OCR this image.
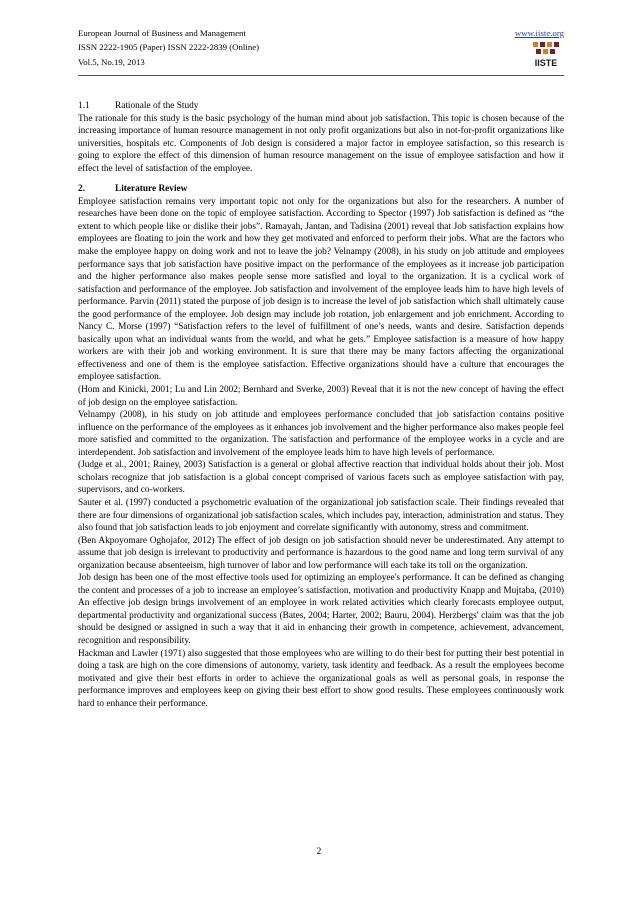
European Journal of Business and Management
ISSN 2222-1905 (Paper) ISSN 2222-2839 (Online)
Vol.5, No.19, 2013
www.iiste.org
IISTE
1.1	Rationale of the Study

The rationale for this study is the basic psychology of the human mind about job satisfaction. This topic is chosen because of the increasing importance of human resource management in not only profit organizations but also in not-for-profit organizations like universities, hospitals etc. Components of Job design is considered a major factor in employee satisfaction, so this research is going to explore the effect of this dimension of human resource management on the issue of employee satisfaction and how it effect the level of satisfaction of the employee.

2.	Literature Review

Employee satisfaction remains very important topic not only for the organizations but also for the researchers. A number of researches have been done on the topic of employee satisfaction. According to Spector (1997) Job satisfaction is defined as “the extent to which people like or dislike their jobs”. Ramayah, Jantan, and Tadisina (2001) reveal that Job satisfaction explains how employees are floating to join the work and how they get motivated and enforced to perform their jobs. What are the factors who make the employee happy on doing work and not to leave the job? Velnampy (2008), in his study on job attitude and employees performance says that job satisfaction have positive impact on the performance of the employees as it increase job participation and the higher performance also makes people sense more satisfied and loyal to the organization. It is a cyclical work of satisfaction and performance of the employee. Job satisfaction and involvement of the employee leads him to have high levels of performance. Parvin (2011) stated the purpose of job design is to increase the level of job satisfaction which shall ultimately cause the good performance of the employee. Job design may include job rotation, job enlargement and job enrichment. According to Nancy C. Morse (1997) “Satisfaction refers to the level of fulfillment of one’s needs, wants and desire. Satisfaction depends basically upon what an individual wants from the world, and what he gets.” Employee satisfaction is a measure of how happy workers are with their job and working environment. It is sure that there may be many factors affecting the organizational effectiveness and one of them is the employee satisfaction. Effective organizations should have a culture that encourages the employee satisfaction.

(Hom and Kinicki, 2001; Lu and Lin 2002; Bernhard and Sverke, 2003) Reveal that it is not the new concept of having the effect of job design on the employee satisfaction.

Velnampy (2008), in his study on job attitude and employees performance concluded that job satisfaction contains positive influence on the performance of the employees as it enhances job involvement and the higher performance also makes people feel more satisfied and committed to the organization. The satisfaction and performance of the employee works in a cycle and are interdependent. Job satisfaction and involvement of the employee leads him to have high levels of performance.

(Judge et al., 2001; Rainey, 2003) Satisfaction is a general or global affective reaction that individual holds about their job. Most scholars recognize that job satisfaction is a global concept comprised of various facets such as employee satisfaction with pay, supervisors, and co-workers.

Sauter et al. (1997) conducted a psychometric evaluation of the organizational job satisfaction scale. Their findings revealed that there are four dimensions of organizational job satisfaction scales, which includes pay, interaction, administration and status. They also found that job satisfaction leads to job enjoyment and correlate significantly with autonomy, stress and commitment.

(Ben Akpoyomare Oghojafor, 2012) The effect of job design on job satisfaction should never be underestimated. Any attempt to assume that job design is irrelevant to productivity and performance is hazardous to the good name and long term survival of any organization because absenteeism, high turnover of labor and low performance will each take its toll on the organization.

Job design has been one of the most effective tools used for optimizing an employee's performance. It can be defined as changing the content and processes of a job to increase an employee’s satisfaction, motivation and productivity Knapp and Mujtaba, (2010) An effective job design brings involvement of an employee in work related activities which clearly forecasts employee output, departmental productivity and organizational success (Bates, 2004; Harter, 2002; Bauru, 2004). Herzbergs' claim was that the job should be designed or assigned in such a way that it aid in enhancing their growth in competence, achievement, advancement, recognition and responsibility.

Hackman and Lawler (1971) also suggested that those employees who are willing to do their best for putting their best potential in doing a task are high on the core dimensions of autonomy, variety, task identity and feedback. As a result the employees become motivated and give their best efforts in order to achieve the organizational goals as well as personal goals, in response the performance improves and employees keep on giving their best effort to show good results. These employees continuously work hard to enhance their performance.

2
